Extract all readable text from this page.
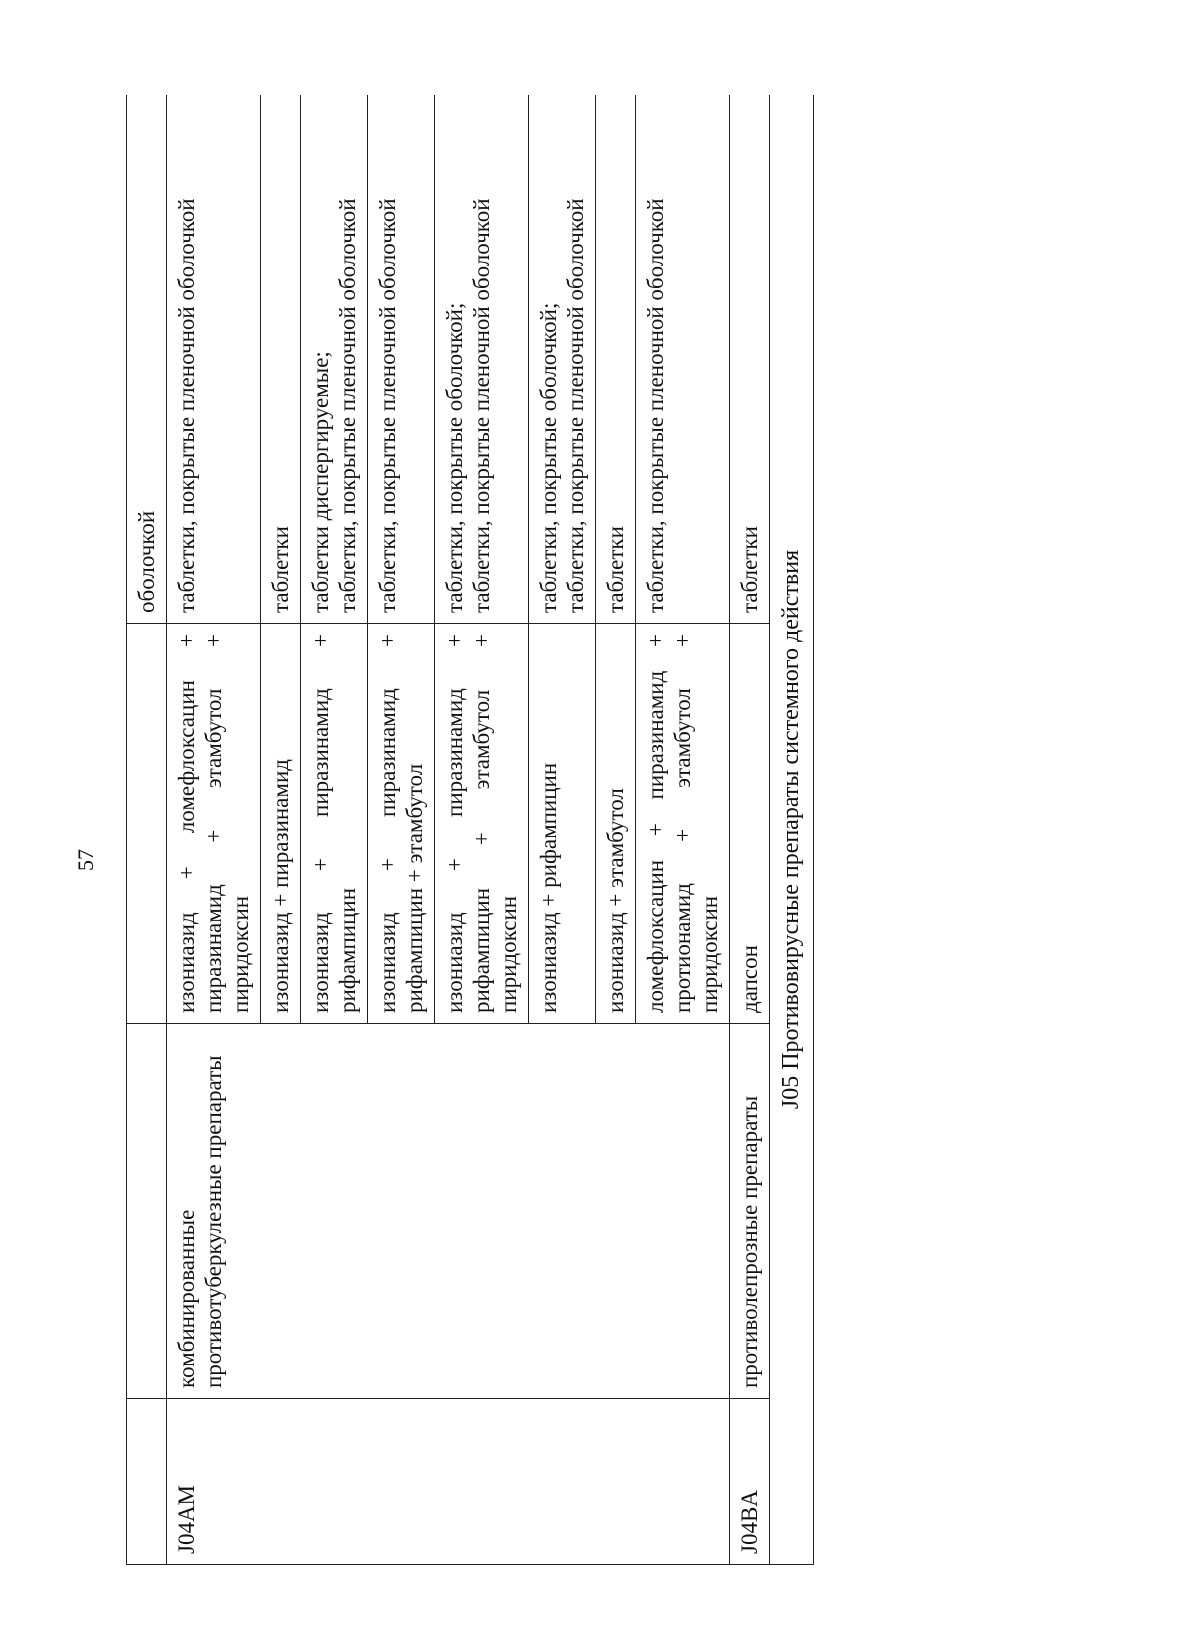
57
			оболочкой
J04AM	комбинированные противотуберкулезные препараты	изониазид + ломефлоксацин + пиразинамид + этамбутол + пиридоксин	таблетки, покрытые пленочной оболочкой

		изониазид + пиразинамид	таблетки

		изониазид + пиразинамид + рифампицин	таблетки диспергируемые; таблетки, покрытые пленочной оболочкой

		изониазид + пиразинамид + рифампицин + этамбутол	таблетки, покрытые пленочной оболочкой

		изониазид + пиразинамид + рифампицин + этамбутол + пиридоксин	таблетки, покрытые оболочкой; таблетки, покрытые пленочной оболочкой

		изониазид + рифампицин	таблетки, покрытые оболочкой; таблетки, покрытые пленочной оболочкой

		изониазид + этамбутол	таблетки

		ломефлоксацин + пиразинамид + протионамид + этамбутол + пиридоксин	таблетки, покрытые пленочной оболочкой

J04BA	противолепрозные препараты	дапсон	таблетки

J05 Противовирусные препараты системного действия			
